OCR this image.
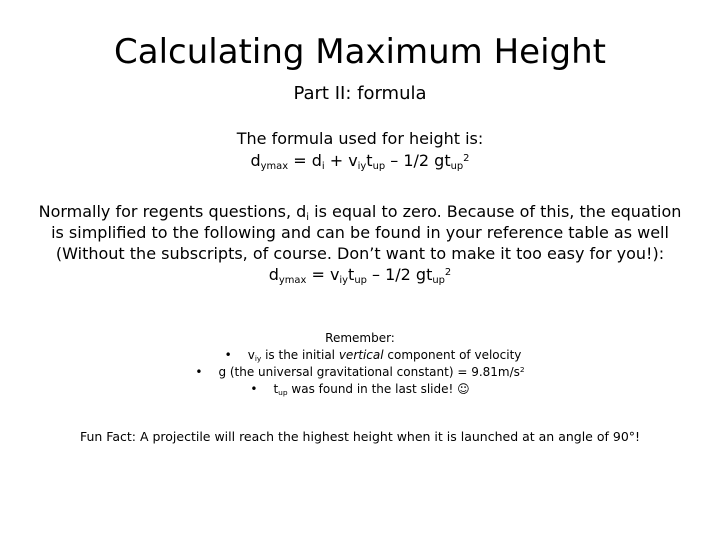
Calculating Maximum Height
Part II: formula
The formula used for height is:
$d_{ymax} = d_i + v_{iy}t_{up} - 1/2$ $gt_{up}^2$
Normally for regents questions, $d_i$ is equal to zero. Because of this, the equation is simplified to the following and can be found in your reference table as well (Without the subscripts, of course. Don’t want to make it too easy for you!):
$d_{ymax} = v_{iy}t_{up} - 1/2$ $gt_{up}^2$
Remember:
• $v_{iy}$ is the initial vertical component of velocity
• g (the universal gravitational constant) = $9.81m/s^2$
• $t_{up}$ was found in the last slide! ☺
Fun Fact: A projectile will reach the highest height when it is launched at an angle of 90°!
